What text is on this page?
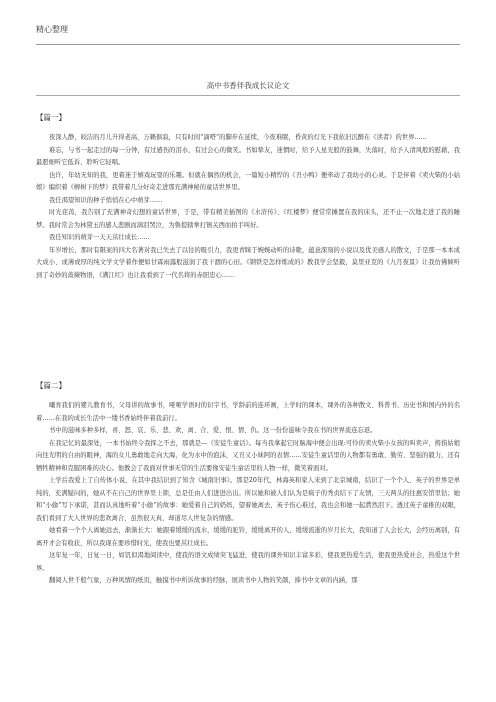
精心整理
高中书香伴我成长议论文
【篇一】

夜深人静，皎洁的月儿升得老高，万籁俱寂，只有时间“滴嗒”的脚步在延续，今夜难眠，昏黄的灯光下我依旧沉醉在《读者》的世界……

难忘，与书一起走过的每一分钟，有过感伤的泪水，有过会心的微笑。书如挚友，迷惘时，给予人星光般的鼓舞，失落时，给予人清风般的慰藉，我最愿细听它低诉、聆听它轻唱。

也许，年幼无知的我，更着迷于嬉戏玩耍的乐趣。但就在偶然的机会，一篇短小精悍的《丑小鸭》便牵动了我幼小的心灵。于是伴着《卖火柴的小姑娘》编织着《柳树下的梦》我带着几分好奇走进那充满神秘的童话世界里。

我任渴望知识的种子悄悄在心中萌芽……

时光荏苒，我告别了充满神奇幻想的童话世界，于是，带有精美插图的《水浒传》、《红楼梦》便常常摊置在我的床头，还不止一次地走进了我的睡梦。我时常会为林黛玉的感人悲剧而滴泪哭泣，为鲁提辖拳打镇关西而拍手叫好。

我任知识的萌芽一天天茁壮成长……

年岁增长，那时有限案的四大名著对我已失去了以往的吸引力，我更青睐于婉婉动听的诗歌，蕴意深刻的小说以及优美感人的散文，于是那一本本成大成小、或薄或厚的纯文学文学着作便如甘霖雨露般滋润了我干涸的心田。《钢铁是怎样炼成的》教我学会坚毅，莫里亚克的《九月夜景》让我仿佛倾听到了奇妙的蔷薇物语，《满江红》也让我看到了一代名将的赤胆忠心……

【篇二】

曦育我们的婴儿教育书，父母讲的故事书，哑哑学语时的识字书，学龄前的连环画，上学时的课本，课外的各种散文、科普书、历史书和国内外的名着……在我的成长生活中一缕书香始终伴着我前行。

书中的滋味多种多样，喜、怒、哀、乐、悲、欢、离、合、爱、恨、情、仇。这一份份滋味令我在书的世界流连忘返。

在我记忆的最深处，一本书始终令我挥之不去，那就是—《安徒生童话》。每当我拿起它时脑海中便会出现:可怜的卖火柴小女孩的叫卖声，拇指姑娘向往光明的自由的眼神，海的女儿勇敢地走向大海，化为水中的泡沫，又丑又小妹阿的表情……安徒生童话里的人物都有勇敢、勤劳、坚强的毅力，还有牺牲精神和克服困难的决心。他教会了我面对世事无常的生活要像安徒生童话里的人物一样，微笑着面对。

上学后我爱上了自传体小说，在其中我结识到了知含《城南旧事》。那是20年代，林海英和家人来到了北京城南，结识了一个个人、英子的世界是单纯的，充满疑问的，她从不在自己的世界里上锁，总是任由人们进进出出。所以她和被人们认为是疯子的秀贞结下了友情，三天两头的往惠安馆里钻；她和“小偷”写下承诺，甚而认真地听着“小偷”的故事：她爱着自己的奶妈，望着她离去，英子伤心难过，我也会和她一起潸然泪下。透过英子童稚的双眼，我们看到了大人世界的悲欢离合，虽然很天真，却道尽人世复杂的情感。

她看着一个个人离她远去，渐渐长大：她跟着缓缓的流水，缓缓的驼铃，缓缓离开的人，缓缓流逝的岁月长大，我知道了人会长大，会经历离别，有离开才会有收获，所以我现在要珍惜时光，使我也要茁壮成长。

这年复一年，日复一日，如饥似渴地阅读中，使我的语文成绩突飞猛进，使我的课外知识丰富多彩，使我更热爱生活，使我更热爱社会，热爱这个世界。

翻阅人世千般气象，万种风情的纸页，触摸书中所诉故事的经脉，展读书中人物的笑颜，捧书中文章的内涵，那
